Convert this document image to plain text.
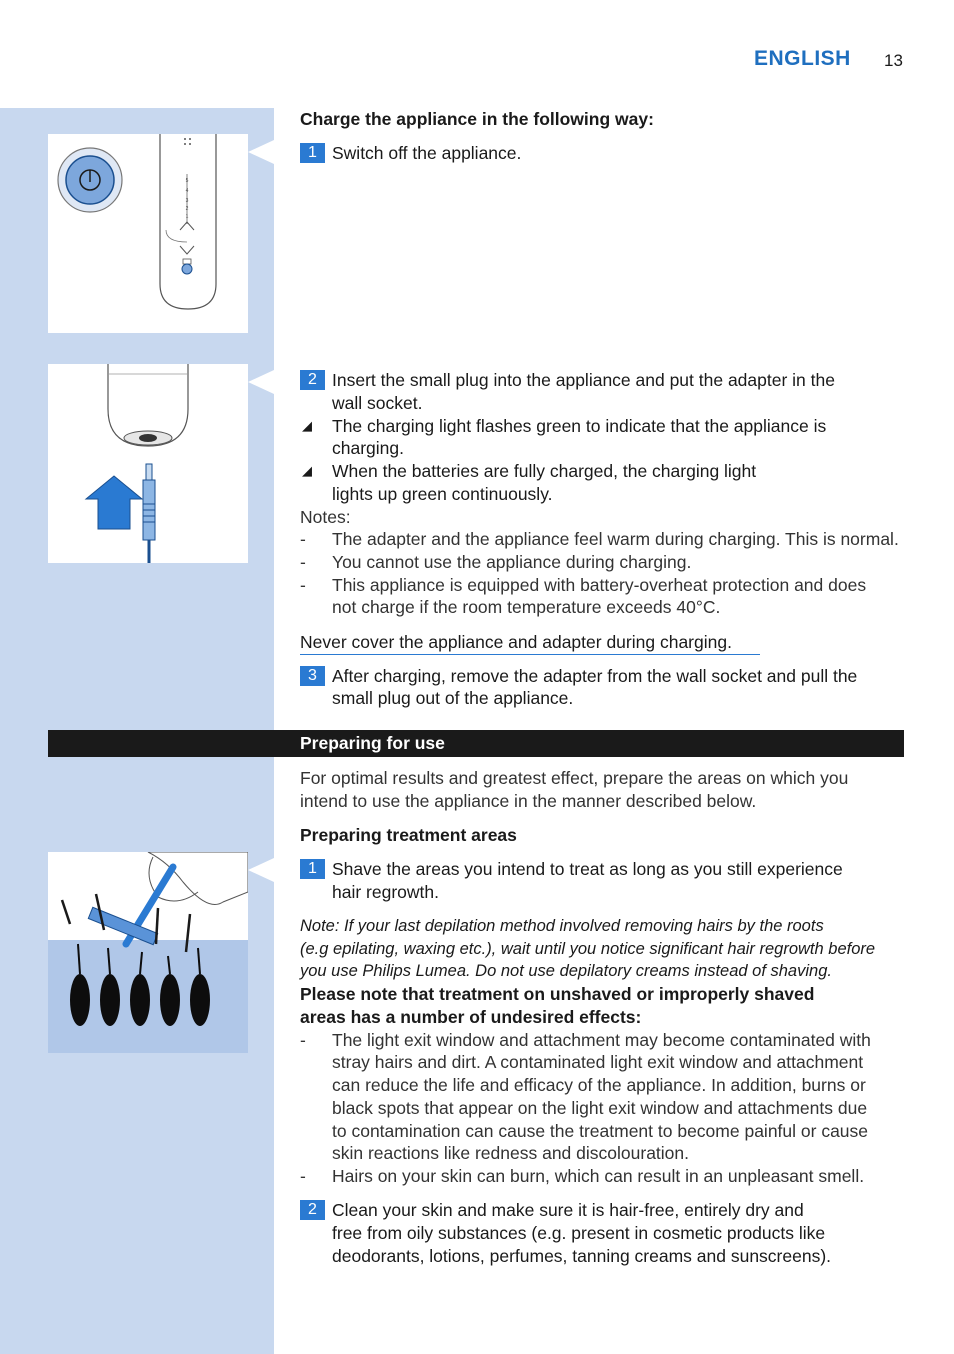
ENGLISH 13
5
4
3
2
1
Charge the appliance in the following way:
1 Switch off the appliance.
2 Insert the small plug into the appliance and put the adapter in the
wall socket.
◢ The charging light flashes green to indicate that the appliance is
charging.
◢ When the batteries are fully charged, the charging light
lights up green continuously.
Notes:
- The adapter and the appliance feel warm during charging. This is normal.
- You cannot use the appliance during charging.
- This appliance is equipped with battery-overheat protection and does
not charge if the room temperature exceeds 40°C.
Never cover the appliance and adapter during charging.
3 After charging, remove the adapter from the wall socket and pull the
small plug out of the appliance.
Preparing for use
For optimal results and greatest effect, prepare the areas on which you
intend to use the appliance in the manner described below.
Preparing treatment areas
1 Shave the areas you intend to treat as long as you still experience
hair regrowth.
Note: If your last depilation method involved removing hairs by the roots
(e.g epilating, waxing etc.), wait until you notice significant hair regrowth before
you use Philips Lumea. Do not use depilatory creams instead of shaving.
Please note that treatment on unshaved or improperly shaved
areas has a number of undesired effects:
- The light exit window and attachment may become contaminated with
stray hairs and dirt. A contaminated light exit window and attachment
can reduce the life and efficacy of the appliance. In addition, burns or
black spots that appear on the light exit window and attachments due
to contamination can cause the treatment to become painful or cause
skin reactions like redness and discolouration.
- Hairs on your skin can burn, which can result in an unpleasant smell.
2 Clean your skin and make sure it is hair-free, entirely dry and
free from oily substances (e.g. present in cosmetic products like
deodorants, lotions, perfumes, tanning creams and sunscreens).
